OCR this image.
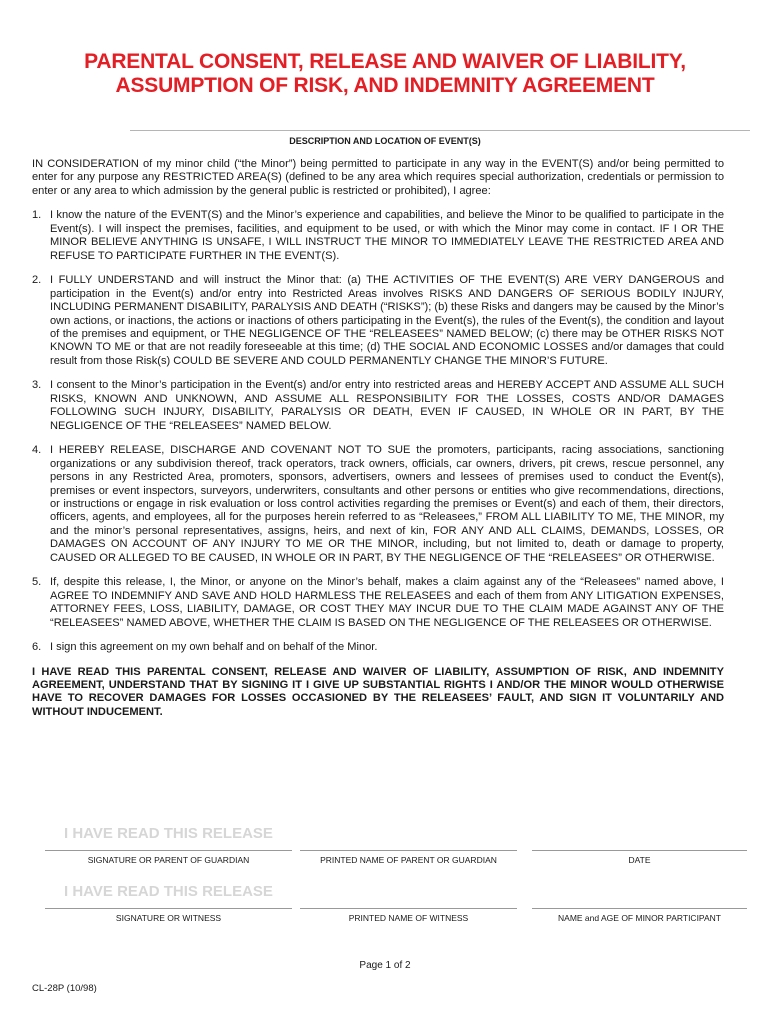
PARENTAL CONSENT, RELEASE AND WAIVER OF LIABILITY,
ASSUMPTION OF RISK, AND INDEMNITY AGREEMENT
DESCRIPTION AND LOCATION OF EVENT(S)

IN CONSIDERATION of my minor child (“the Minor”) being permitted to participate in any way in the EVENT(S) and/or being permitted to enter for any purpose any RESTRICTED AREA(S) (defined to be any area which requires special authorization, credentials or permission to enter or any area to which admission by the general public is restricted or prohibited), I agree:

1. I know the nature of the EVENT(S) and the Minor’s experience and capabilities, and believe the Minor to be qualified to participate in the Event(s). I will inspect the premises, facilities, and equipment to be used, or with which the Minor may come in contact. IF I OR THE MINOR BELIEVE ANYTHING IS UNSAFE, I WILL INSTRUCT THE MINOR TO IMMEDIATELY LEAVE THE RESTRICTED AREA AND REFUSE TO PARTICIPATE FURTHER IN THE EVENT(S).
2. I FULLY UNDERSTAND and will instruct the Minor that: (a) THE ACTIVITIES OF THE EVENT(S) ARE VERY DANGEROUS and participation in the Event(s) and/or entry into Restricted Areas involves RISKS AND DANGERS OF SERIOUS BODILY INJURY, INCLUDING PERMANENT DISABILITY, PARALYSIS AND DEATH (“RISKS”); (b) these Risks and dangers may be caused by the Minor’s own actions, or inactions, the actions or inactions of others participating in the Event(s), the rules of the Event(s), the condition and layout of the premises and equipment, or THE NEGLIGENCE OF THE “RELEASEES” NAMED BELOW; (c) there may be OTHER RISKS NOT KNOWN TO ME or that are not readily foreseeable at this time; (d) THE SOCIAL AND ECONOMIC LOSSES and/or damages that could result from those Risk(s) COULD BE SEVERE AND COULD PERMANENTLY CHANGE THE MINOR’S FUTURE.
3. I consent to the Minor’s participation in the Event(s) and/or entry into restricted areas and HEREBY ACCEPT AND ASSUME ALL SUCH RISKS, KNOWN AND UNKNOWN, AND ASSUME ALL RESPONSIBILITY FOR THE LOSSES, COSTS AND/OR DAMAGES FOLLOWING SUCH INJURY, DISABILITY, PARALYSIS OR DEATH, EVEN IF CAUSED, IN WHOLE OR IN PART, BY THE NEGLIGENCE OF THE “RELEASEES” NAMED BELOW.
4. I HEREBY RELEASE, DISCHARGE AND COVENANT NOT TO SUE the promoters, participants, racing associations, sanctioning organizations or any subdivision thereof, track operators, track owners, officials, car owners, drivers, pit crews, rescue personnel, any persons in any Restricted Area, promoters, sponsors, advertisers, owners and lessees of premises used to conduct the Event(s), premises or event inspectors, surveyors, underwriters, consultants and other persons or entities who give recommendations, directions, or instructions or engage in risk evaluation or loss control activities regarding the premises or Event(s) and each of them, their directors, officers, agents, and employees, all for the purposes herein referred to as “Releasees,” FROM ALL LIABILITY TO ME, THE MINOR, my and the minor’s personal representatives, assigns, heirs, and next of kin, FOR ANY AND ALL CLAIMS, DEMANDS, LOSSES, OR DAMAGES ON ACCOUNT OF ANY INJURY TO ME OR THE MINOR, including, but not limited to, death or damage to property, CAUSED OR ALLEGED TO BE CAUSED, IN WHOLE OR IN PART, BY THE NEGLIGENCE OF THE “RELEASEES” OR OTHERWISE.
5. If, despite this release, I, the Minor, or anyone on the Minor’s behalf, makes a claim against any of the “Releasees” named above, I AGREE TO INDEMNIFY AND SAVE AND HOLD HARMLESS THE RELEASEES and each of them from ANY LITIGATION EXPENSES, ATTORNEY FEES, LOSS, LIABILITY, DAMAGE, OR COST THEY MAY INCUR DUE TO THE CLAIM MADE AGAINST ANY OF THE “RELEASEES” NAMED ABOVE, WHETHER THE CLAIM IS BASED ON THE NEGLIGENCE OF THE RELEASEES OR OTHERWISE.
6. I sign this agreement on my own behalf and on behalf of the Minor.

I HAVE READ THIS PARENTAL CONSENT, RELEASE AND WAIVER OF LIABILITY, ASSUMPTION OF RISK, AND INDEMNITY AGREEMENT, UNDERSTAND THAT BY SIGNING IT I GIVE UP SUBSTANTIAL RIGHTS I AND/OR THE MINOR WOULD OTHERWISE HAVE TO RECOVER DAMAGES FOR LOSSES OCCASIONED BY THE RELEASEES’ FAULT, AND SIGN IT VOLUNTARILY AND WITHOUT INDUCEMENT.

I HAVE READ THIS RELEASE
SIGNATURE OR PARENT OF GUARDIAN	PRINTED NAME OF PARENT OR GUARDIAN	DATE
I HAVE READ THIS RELEASE
SIGNATURE OR WITNESS	PRINTED NAME OF WITNESS	NAME and AGE OF MINOR PARTICIPANT
Page 1 of 2
CL-28P (10/98)
